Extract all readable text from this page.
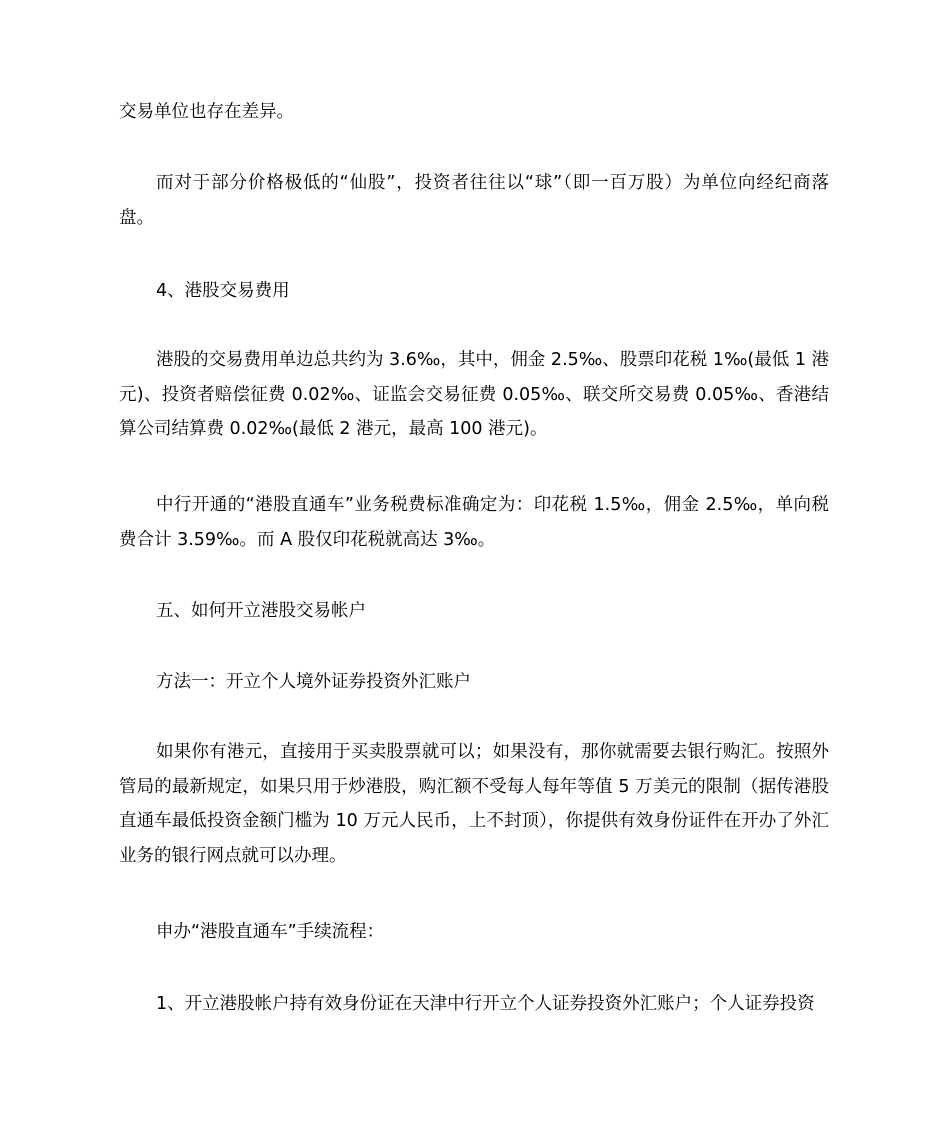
交易单位也存在差异。

而对于部分价格极低的“仙股”，投资者往往以“球”（即一百万股）为单位向经纪商落盘。

4、港股交易费用

港股的交易费用单边总共约为 3.6‰，其中，佣金 2.5‰、股票印花税 1‰(最低 1 港元)、投资者赔偿征费 0.02‰、证监会交易征费 0.05‰、联交所交易费 0.05‰、香港结算公司结算费 0.02‰(最低 2 港元，最高 100 港元)。

中行开通的“港股直通车”业务税费标准确定为：印花税 1.5‰，佣金 2.5‰，单向税费合计 3.59‰。而 A 股仅印花税就高达 3‰。

五、如何开立港股交易帐户

方法一：开立个人境外证券投资外汇账户

如果你有港元，直接用于买卖股票就可以；如果没有，那你就需要去银行购汇。按照外管局的最新规定，如果只用于炒港股，购汇额不受每人每年等值 5 万美元的限制（据传港股直通车最低投资金额门槛为 10 万元人民币，上不封顶），你提供有效身份证件在开办了外汇业务的银行网点就可以办理。

申办“港股直通车”手续流程：

1、开立港股帐户持有效身份证在天津中行开立个人证券投资外汇账户；个人证券投资
